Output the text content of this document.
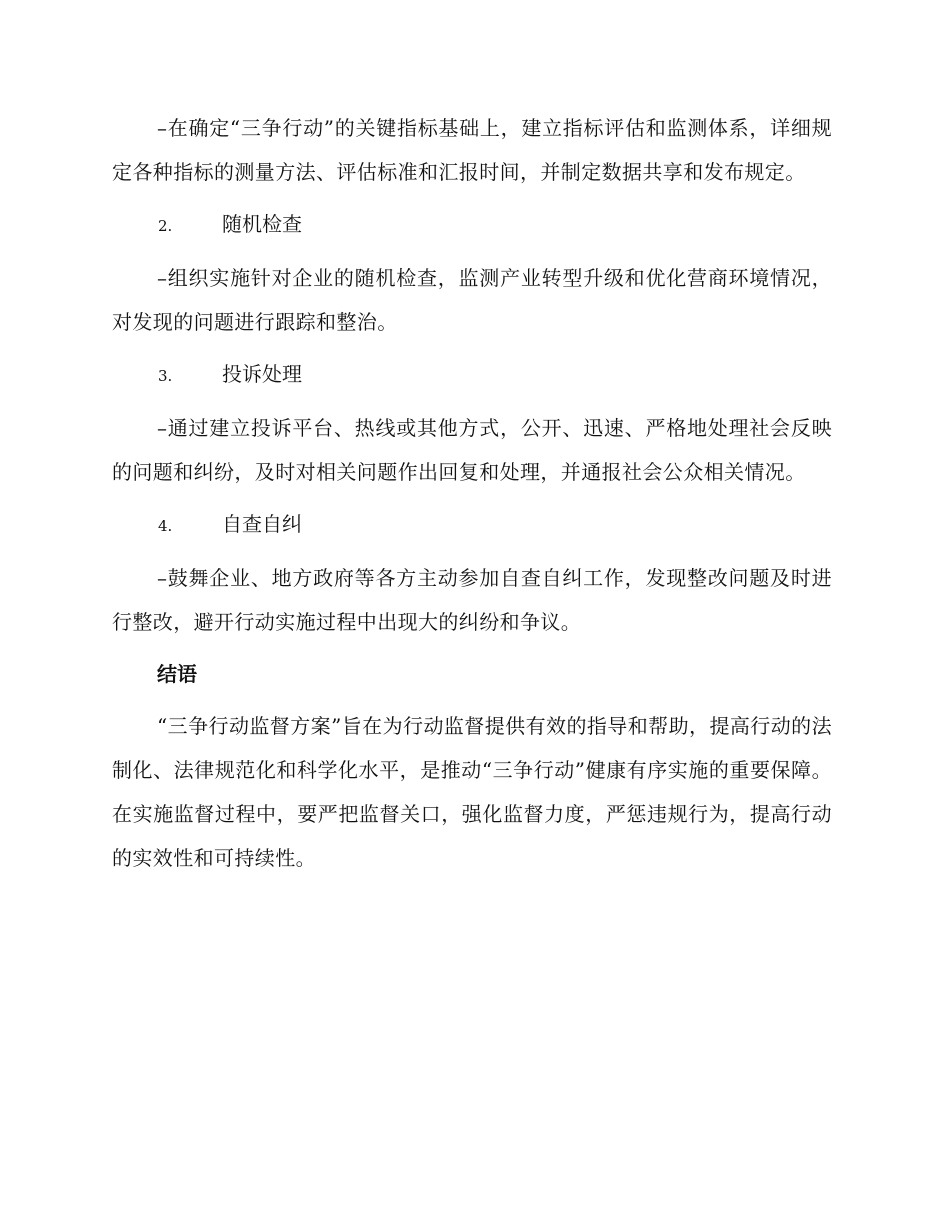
–在确定“三争行动”的关键指标基础上，建立指标评估和监测体系，详细规定各种指标的测量方法、评估标准和汇报时间，并制定数据共享和发布规定。

2.	随机检查

–组织实施针对企业的随机检查，监测产业转型升级和优化营商环境情况，对发现的问题进行跟踪和整治。

3.	投诉处理

–通过建立投诉平台、热线或其他方式，公开、迅速、严格地处理社会反映的问题和纠纷，及时对相关问题作出回复和处理，并通报社会公众相关情况。

4.	自查自纠

–鼓舞企业、地方政府等各方主动参加自查自纠工作，发现整改问题及时进行整改，避开行动实施过程中出现大的纠纷和争议。

结语

“三争行动监督方案”旨在为行动监督提供有效的指导和帮助，提高行动的法制化、法律规范化和科学化水平，是推动“三争行动”健康有序实施的重要保障。在实施监督过程中，要严把监督关口，强化监督力度，严惩违规行为，提高行动的实效性和可持续性。
